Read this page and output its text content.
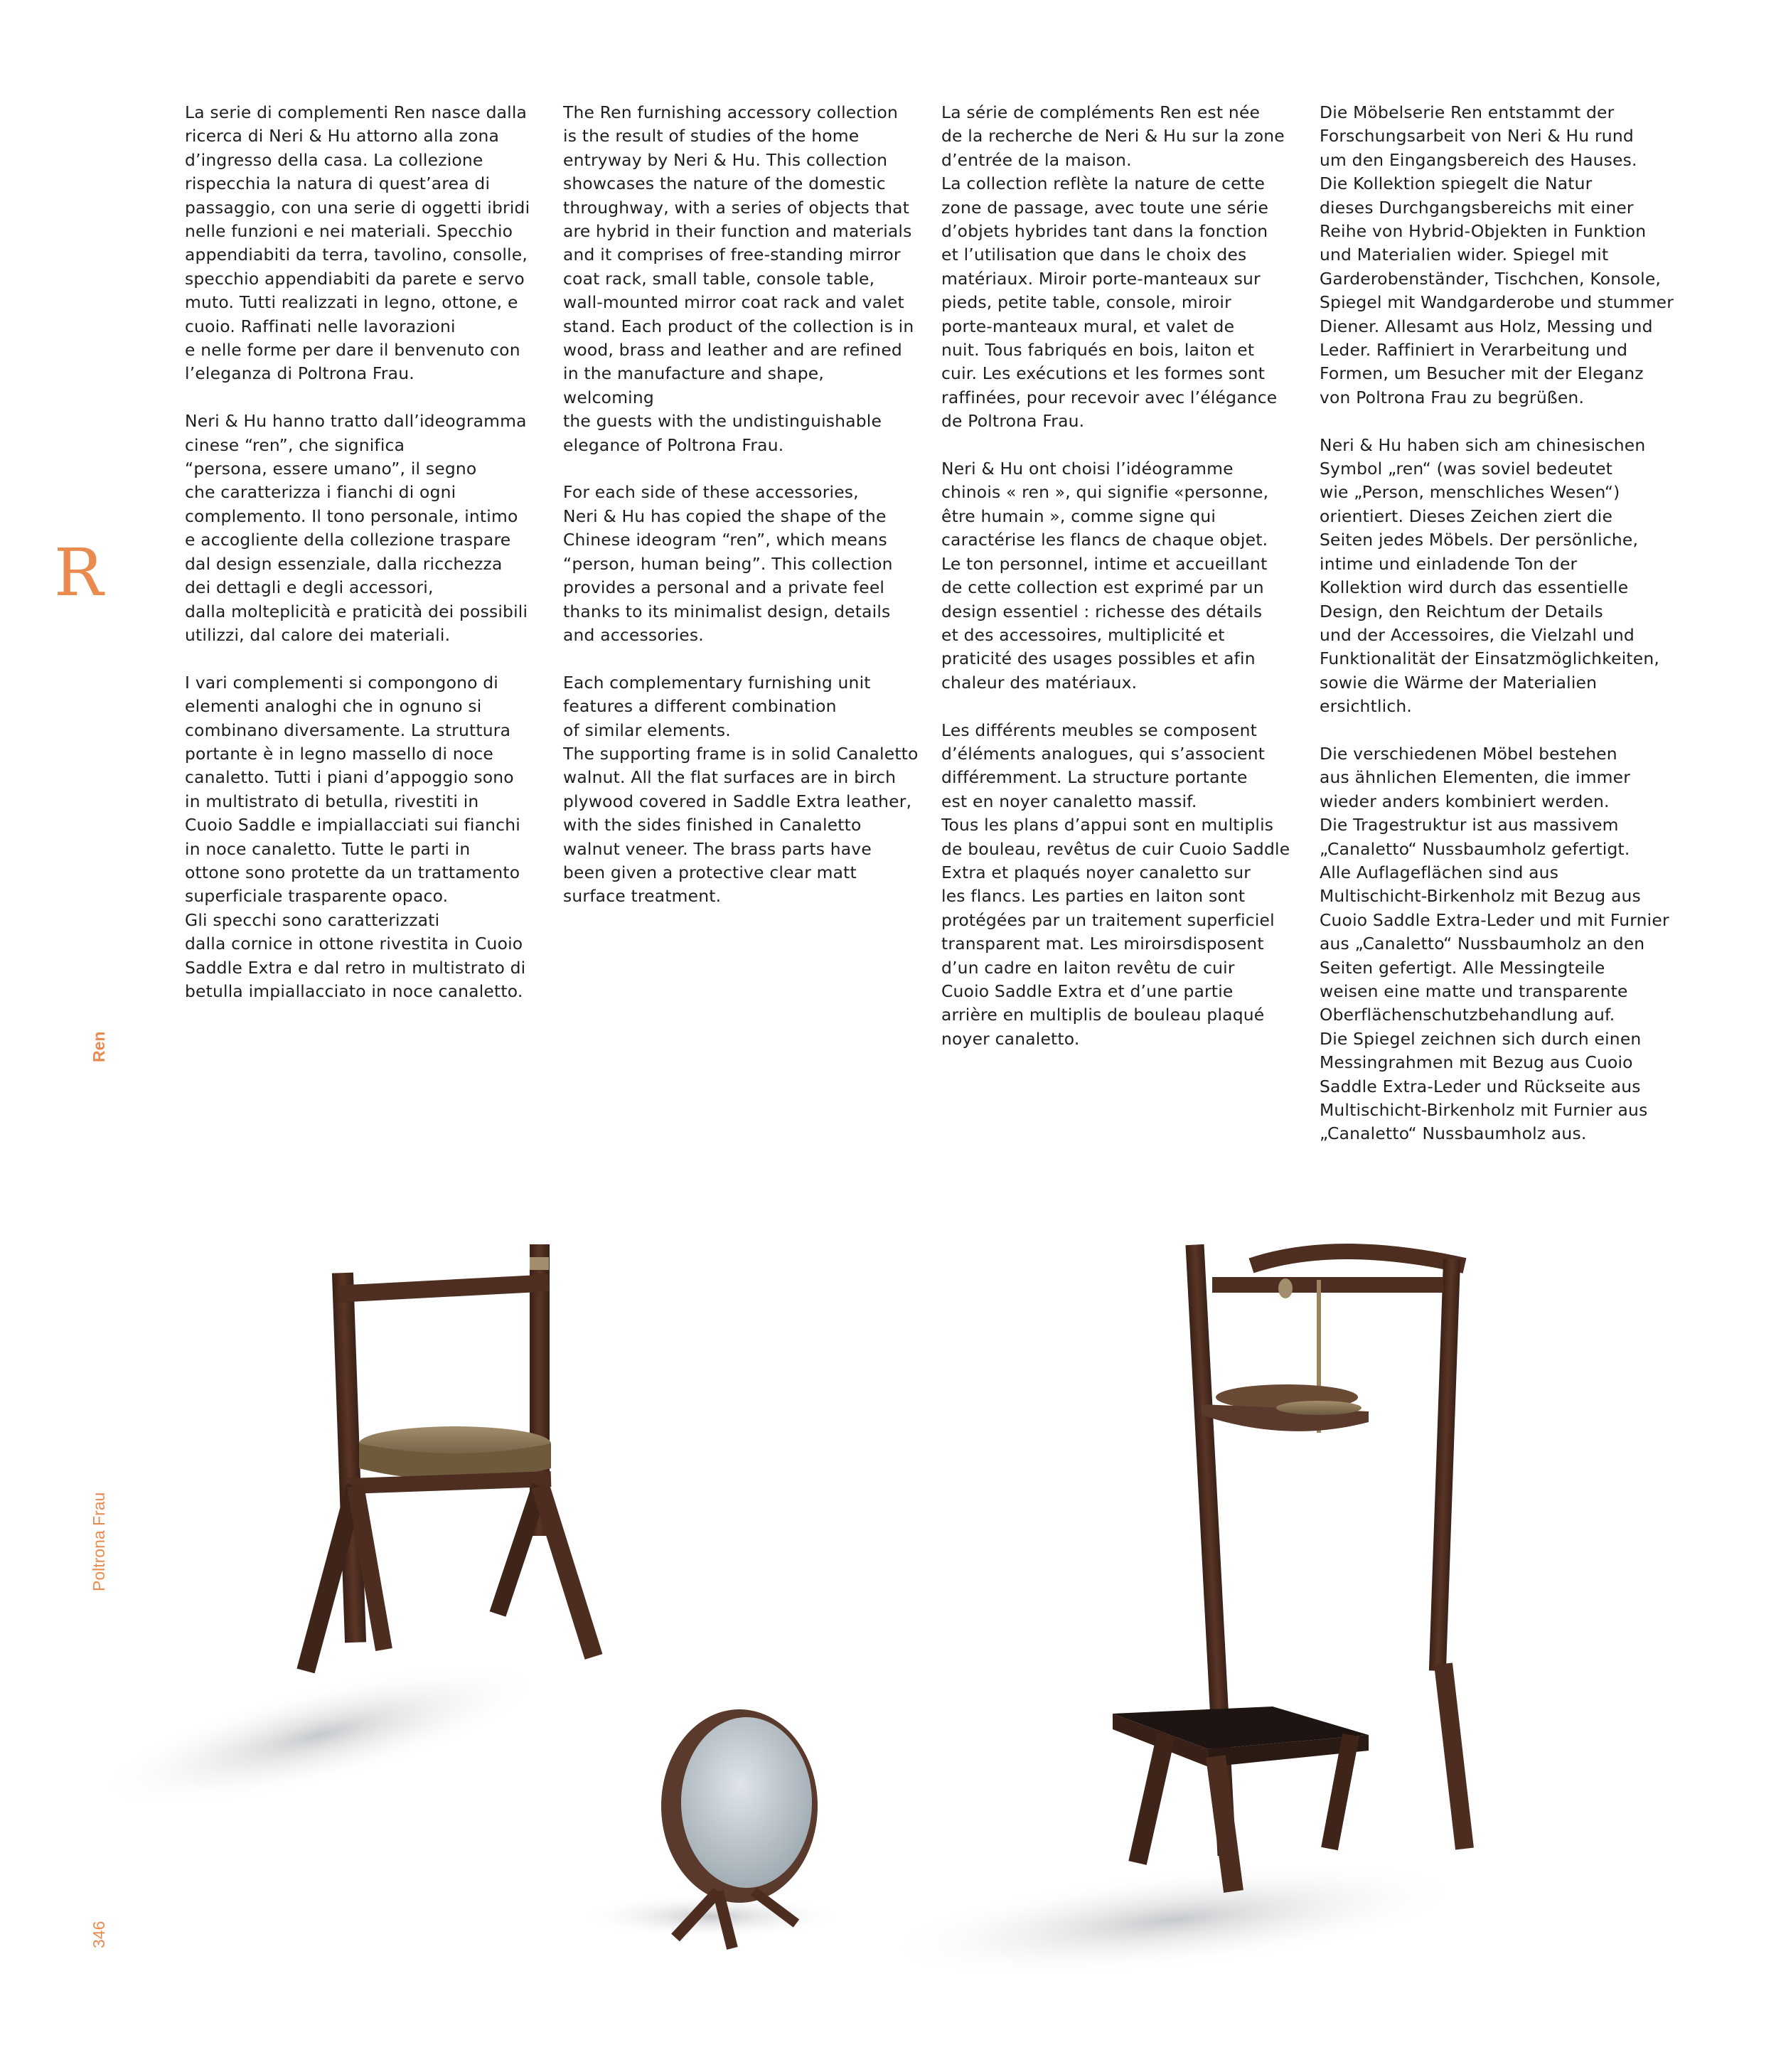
R
Ren
Poltrona Frau
346

La serie di complementi Ren nasce dalla
ricerca di Neri & Hu attorno alla zona
d’ingresso della casa. La collezione
rispecchia la natura di quest’area di
passaggio, con una serie di oggetti ibridi
nelle funzioni e nei materiali. Specchio
appendiabiti da terra, tavolino, consolle,
specchio appendiabiti da parete e servo
muto. Tutti realizzati in legno, ottone, e
cuoio. Raffinati nelle lavorazioni
e nelle forme per dare il benvenuto con
l’eleganza di Poltrona Frau.

Neri & Hu hanno tratto dall’ideogramma
cinese “ren”, che significa
“persona, essere umano”, il segno
che caratterizza i fianchi di ogni
complemento. Il tono personale, intimo
e accogliente della collezione traspare
dal design essenziale, dalla ricchezza
dei dettagli e degli accessori,
dalla molteplicità e praticità dei possibili
utilizzi, dal calore dei materiali.

I vari complementi si compongono di
elementi analoghi che in ognuno si
combinano diversamente. La struttura
portante è in legno massello di noce
canaletto. Tutti i piani d’appoggio sono
in multistrato di betulla, rivestiti in
Cuoio Saddle e impiallacciati sui fianchi
in noce canaletto. Tutte le parti in
ottone sono protette da un trattamento
superficiale trasparente opaco.
Gli specchi sono caratterizzati
dalla cornice in ottone rivestita in Cuoio
Saddle Extra e dal retro in multistrato di
betulla impiallacciato in noce canaletto.

The Ren furnishing accessory collection
is the result of studies of the home
entryway by Neri & Hu. This collection
showcases the nature of the domestic
throughway, with a series of objects that
are hybrid in their function and materials
and it comprises of free-standing mirror
coat rack, small table, console table,
wall-mounted mirror coat rack and valet
stand. Each product of the collection is in
wood, brass and leather and are refined
in the manufacture and shape, welcoming
the guests with the undistinguishable
elegance of Poltrona Frau.

For each side of these accessories,
Neri & Hu has copied the shape of the
Chinese ideogram “ren”, which means
“person, human being”. This collection
provides a personal and a private feel
thanks to its minimalist design, details
and accessories.

Each complementary furnishing unit
features a different combination
of similar elements.
The supporting frame is in solid Canaletto
walnut. All the flat surfaces are in birch
plywood covered in Saddle Extra leather,
with the sides finished in Canaletto
walnut veneer. The brass parts have
been given a protective clear matt
surface treatment.

La série de compléments Ren est née
de la recherche de Neri & Hu sur la zone
d’entrée de la maison.
La collection reflète la nature de cette
zone de passage, avec toute une série
d’objets hybrides tant dans la fonction
et l’utilisation que dans le choix des
matériaux. Miroir porte-manteaux sur
pieds, petite table, console, miroir
porte-manteaux mural, et valet de
nuit. Tous fabriqués en bois, laiton et
cuir. Les exécutions et les formes sont
raffinées, pour recevoir avec l’élégance
de Poltrona Frau.

Neri & Hu ont choisi l’idéogramme
chinois « ren », qui signifie «personne,
être humain », comme signe qui
caractérise les flancs de chaque objet.
Le ton personnel, intime et accueillant
de cette collection est exprimé par un
design essentiel : richesse des détails
et des accessoires, multiplicité et
praticité des usages possibles et afin
chaleur des matériaux.

Les différents meubles se composent
d’éléments analogues, qui s’associent
différemment. La structure portante
est en noyer canaletto massif.
Tous les plans d’appui sont en multiplis
de bouleau, revêtus de cuir Cuoio Saddle
Extra et plaqués noyer canaletto sur
les flancs. Les parties en laiton sont
protégées par un traitement superficiel
transparent mat. Les miroirsdisposent
d’un cadre en laiton revêtu de cuir
Cuoio Saddle Extra et d’une partie
arrière en multiplis de bouleau plaqué
noyer canaletto.

Die Möbelserie Ren entstammt der
Forschungsarbeit von Neri & Hu rund
um den Eingangsbereich des Hauses.
Die Kollektion spiegelt die Natur
dieses Durchgangsbereichs mit einer
Reihe von Hybrid-Objekten in Funktion
und Materialien wider. Spiegel mit
Garderobenständer, Tischchen, Konsole,
Spiegel mit Wandgarderobe und stummer
Diener. Allesamt aus Holz, Messing und
Leder. Raffiniert in Verarbeitung und
Formen, um Besucher mit der Eleganz
von Poltrona Frau zu begrüßen.

Neri & Hu haben sich am chinesischen
Symbol „ren“ (was soviel bedeutet
wie „Person, menschliches Wesen“)
orientiert. Dieses Zeichen ziert die
Seiten jedes Möbels. Der persönliche,
intime und einladende Ton der
Kollektion wird durch das essentielle
Design, den Reichtum der Details
und der Accessoires, die Vielzahl und
Funktionalität der Einsatzmöglichkeiten,
sowie die Wärme der Materialien
ersichtlich.

Die verschiedenen Möbel bestehen
aus ähnlichen Elementen, die immer
wieder anders kombiniert werden.
Die Tragestruktur ist aus massivem
„Canaletto“ Nussbaumholz gefertigt.
Alle Auflageflächen sind aus
Multischicht-Birkenholz mit Bezug aus
Cuoio Saddle Extra-Leder und mit Furnier
aus „Canaletto“ Nussbaumholz an den
Seiten gefertigt. Alle Messingteile
weisen eine matte und transparente
Oberflächenschutzbehandlung auf.
Die Spiegel zeichnen sich durch einen
Messingrahmen mit Bezug aus Cuoio
Saddle Extra-Leder und Rückseite aus
Multischicht-Birkenholz mit Furnier aus
„Canaletto“ Nussbaumholz aus.
